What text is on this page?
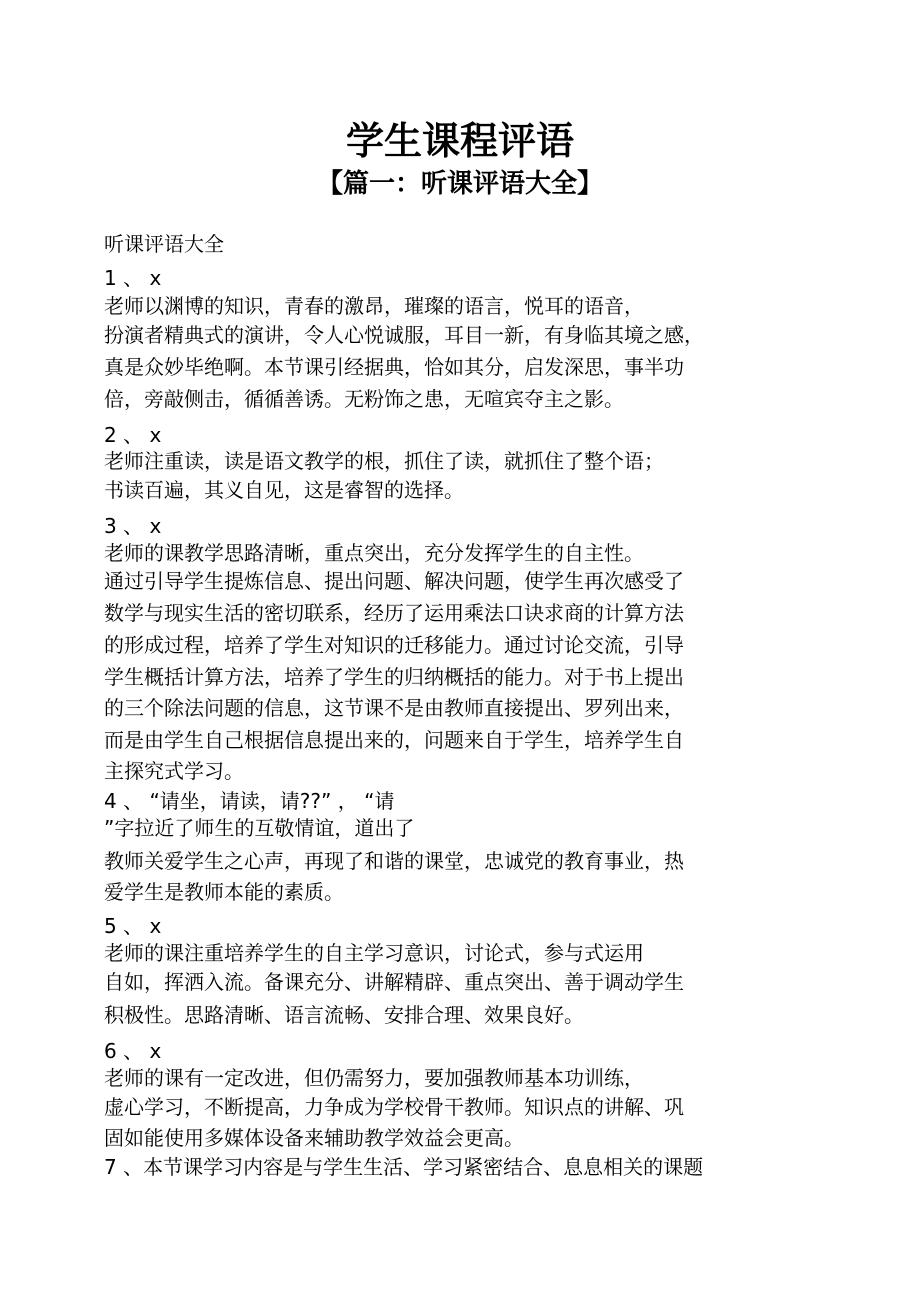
学生课程评语
【篇一：听课评语大全】
听课评语大全
1 、 x
老师以渊博的知识，青春的激昂，璀璨的语言，悦耳的语音，
扮演者精典式的演讲，令人心悦诚服，耳目一新，有身临其境之感，
真是众妙毕绝啊。本节课引经据典，恰如其分，启发深思，事半功
倍，旁敲侧击，循循善诱。无粉饰之患，无喧宾夺主之影。
2 、 x
老师注重读，读是语文教学的根，抓住了读，就抓住了整个语；
书读百遍，其义自见，这是睿智的选择。
3 、 x
老师的课教学思路清晰，重点突出，充分发挥学生的自主性。
通过引导学生提炼信息、提出问题、解决问题，使学生再次感受了
数学与现实生活的密切联系，经历了运用乘法口诀求商的计算方法
的形成过程，培养了学生对知识的迁移能力。通过讨论交流，引导
学生概括计算方法，培养了学生的归纳概括的能力。对于书上提出
的三个除法问题的信息，这节课不是由教师直接提出、罗列出来，
而是由学生自己根据信息提出来的，问题来自于学生，培养学生自
主探究式学习。
4 、 “请坐，请读，请??” ， “请
”字拉近了师生的互敬情谊，道出了
教师关爱学生之心声，再现了和谐的课堂，忠诚党的教育事业，热
爱学生是教师本能的素质。
5 、 x
老师的课注重培养学生的自主学习意识，讨论式，参与式运用
自如，挥洒入流。备课充分、讲解精辟、重点突出、善于调动学生
积极性。思路清晰、语言流畅、安排合理、效果良好。
6 、 x
老师的课有一定改进，但仍需努力，要加强教师基本功训练，
虚心学习，不断提高，力争成为学校骨干教师。知识点的讲解、巩
固如能使用多媒体设备来辅助教学效益会更高。
7 、本节课学习内容是与学生生活、学习紧密结合、息息相关的课题
